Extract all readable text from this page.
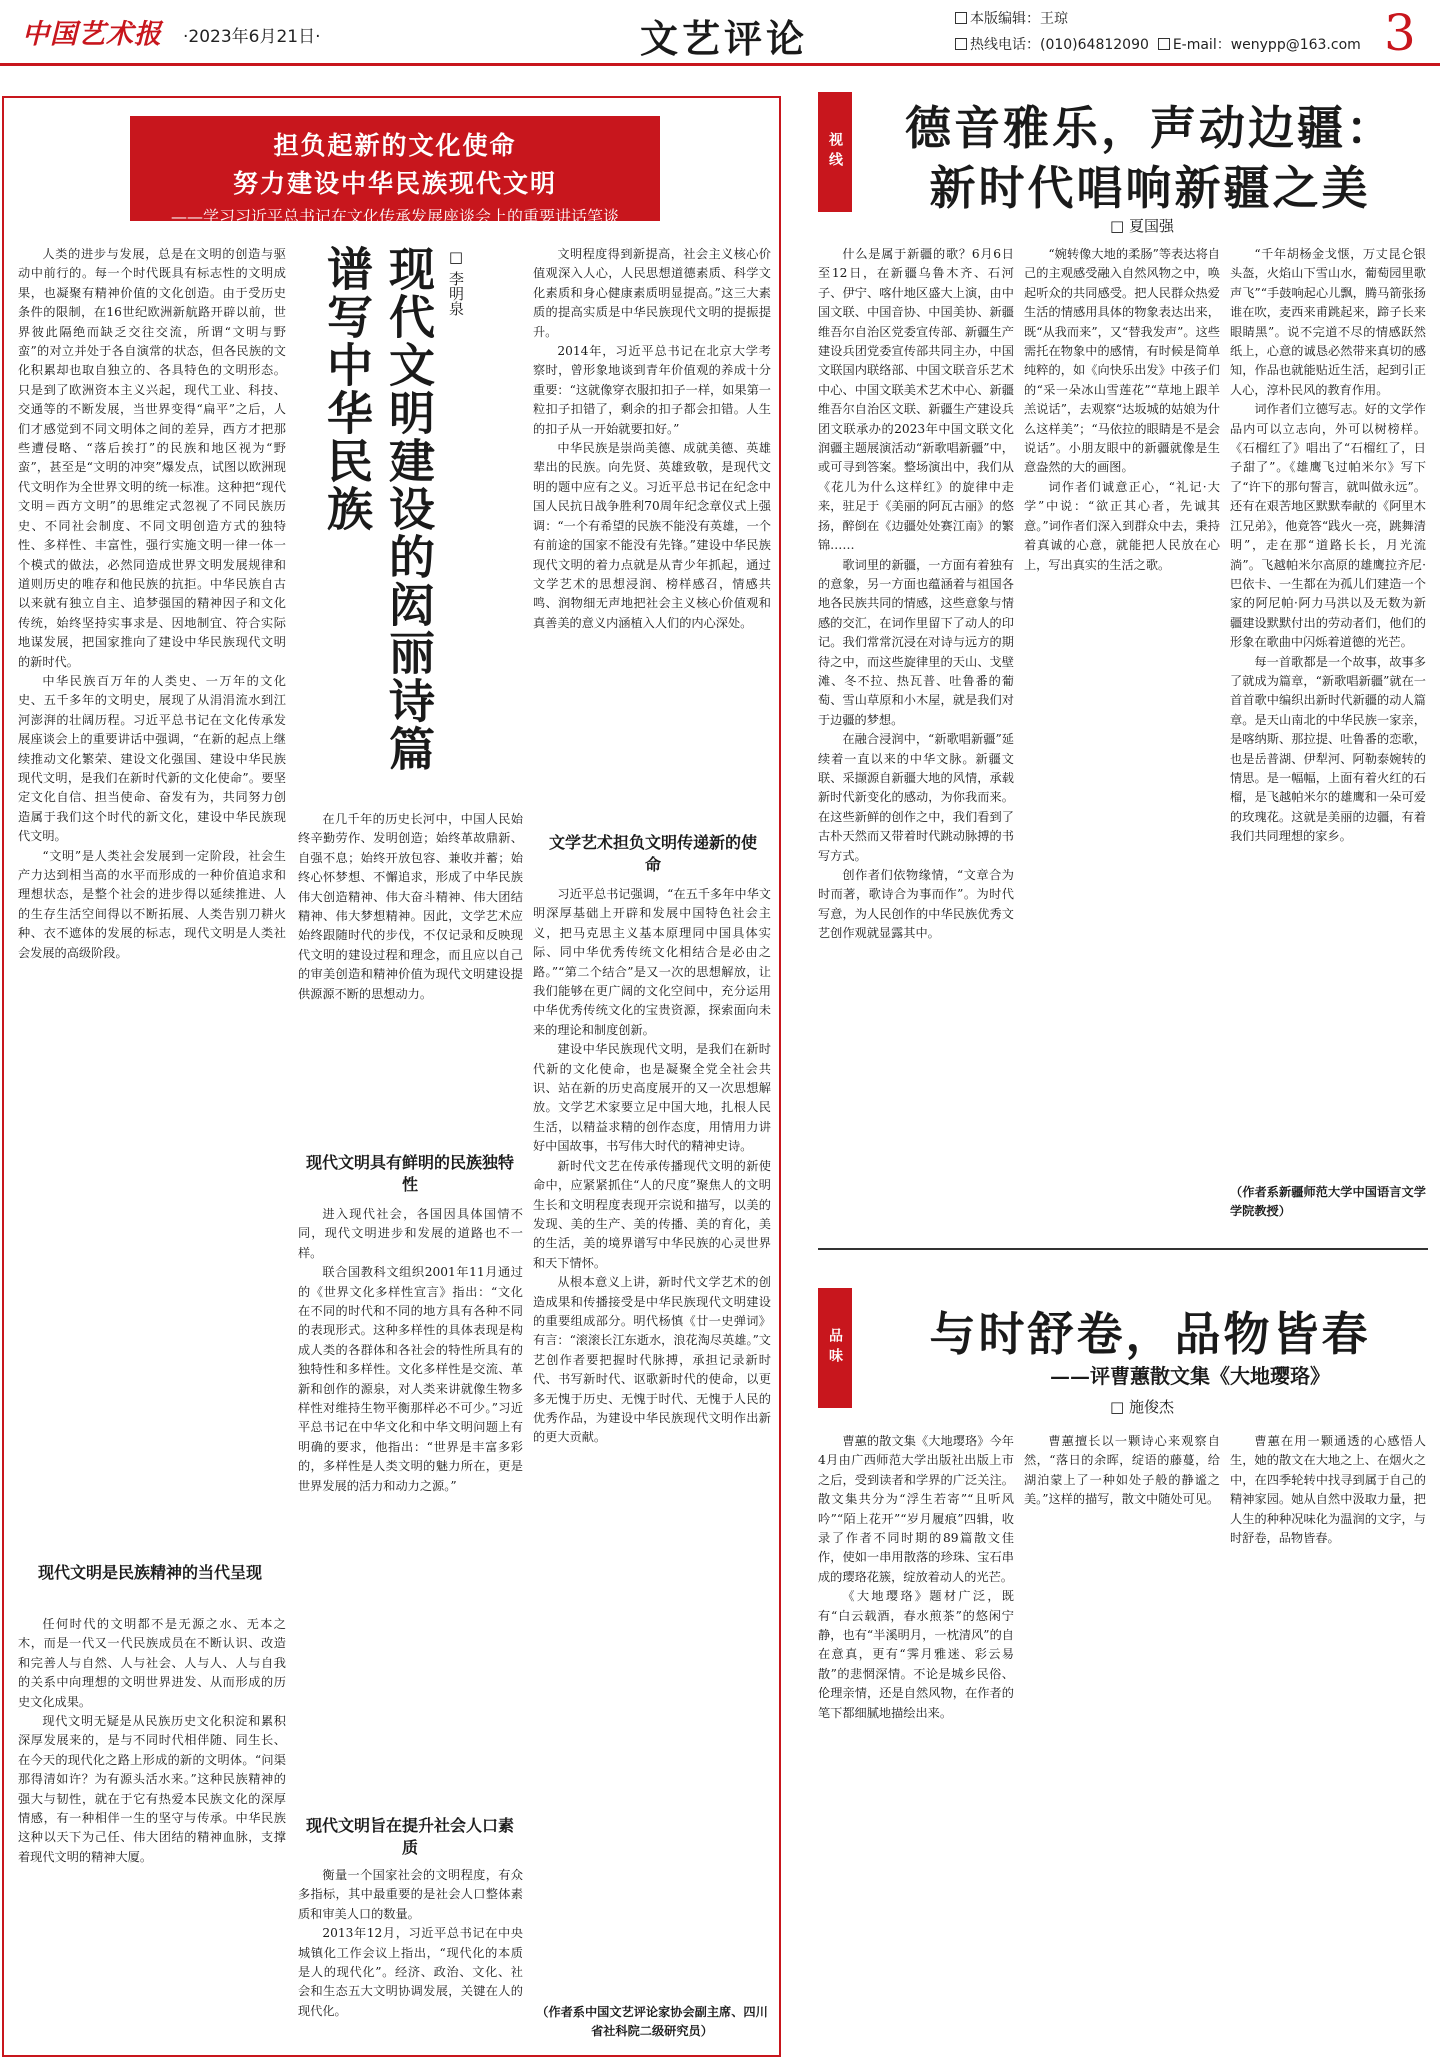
中国艺术报 ·2023年6月21日·	文艺评论	本版编辑：王琼
热线电话：(010)64812090 E-mail：wenypp@163.com 3
担负起新的文化使命
努力建设中华民族现代文明
——学习习近平总书记在文化传承发展座谈会上的重要讲话笔谈
现代文明建设的闳丽诗篇
谱写中华民族	□ 李明泉

人类的进步与发展，总是在文明的创造与驱动中前行的。每一个时代既具有标志性的文明成果，也凝聚有精神价值的文化创造。由于受历史条件的限制，在16世纪欧洲新航路开辟以前，世界彼此隔绝而缺乏交往交流，所谓“文明与野蛮”的对立并处于各自演常的状态，但各民族的文化积累却也取自独立的、各具特色的文明形态。只是到了欧洲资本主义兴起，现代工业、科技、交通等的不断发展，当世界变得“扁平”之后，人们才感觉到不同文明体之间的差异，西方才把那些遭侵略、“落后挨打”的民族和地区视为“野蛮”，甚至是“文明的冲突”爆发点，试图以欧洲现代文明作为全世界文明的统一标准。这种把“现代文明＝西方文明”的思维定式忽视了不同民族历史、不同社会制度、不同文明创造方式的独特性、多样性、丰富性，强行实施文明一律一体一个模式的做法，必然同造成世界文明发展规律和道则历史的唯存和他民族的抗拒。中华民族自古以来就有独立自主、追梦强国的精神因子和文化传统，始终坚持实事求是、因地制宜、符合实际地谋发展，把国家推向了建设中华民族现代文明的新时代。

中华民族百万年的人类史、一万年的文化史、五千多年的文明史，展现了从涓涓流水到江河澎湃的壮阔历程。习近平总书记在文化传承发展座谈会上的重要讲话中强调，“在新的起点上继续推动文化繁荣、建设文化强国、建设中华民族现代文明，是我们在新时代新的文化使命”。要坚定文化自信、担当使命、奋发有为，共同努力创造属于我们这个时代的新文化，建设中华民族现代文明。

“文明”是人类社会发展到一定阶段，社会生产力达到相当高的水平而形成的一种价值追求和理想状态，是整个社会的进步得以延续推进、人的生存生活空间得以不断拓展、人类告别刀耕火种、衣不遮体的发展的标志，现代文明是人类社会发展的高级阶段。

现代文明是民族精神的当代呈现

任何时代的文明都不是无源之水、无本之木，而是一代又一代民族成员在不断认识、改造和完善人与自然、人与社会、人与人、人与自我的关系中向理想的文明世界进发、从而形成的历史文化成果。

现代文明无疑是从民族历史文化积淀和累积深厚发展来的，是与不同时代相伴随、同生长、在今天的现代化之路上形成的新的文明体。“问渠那得清如许？为有源头活水来。”这种民族精神的强大与韧性，就在于它有热爱本民族文化的深厚情感，有一种相伴一生的坚守与传承。中华民族这种以天下为己任、伟大团结的精神血脉，支撑着现代文明的精神大厦。

在几千年的历史长河中，中国人民始终辛勤劳作、发明创造；始终革故鼎新、自强不息；始终开放包容、兼收并蓄；始终心怀梦想、不懈追求，形成了中华民族伟大创造精神、伟大奋斗精神、伟大团结精神、伟大梦想精神。因此，文学艺术应始终跟随时代的步伐，不仅记录和反映现代文明的建设过程和理念，而且应以自己的审美创造和精神价值为现代文明建设提供源源不断的思想动力。

现代文明具有鲜明的民族独特性

进入现代社会，各国因具体国情不同，现代文明进步和发展的道路也不一样。

联合国教科文组织2001年11月通过的《世界文化多样性宣言》指出：“文化在不同的时代和不同的地方具有各种不同的表现形式。这种多样性的具体表现是构成人类的各群体和各社会的特性所具有的独特性和多样性。文化多样性是交流、革新和创作的源泉，对人类来讲就像生物多样性对维持生物平衡那样必不可少。”习近平总书记在中华文化和中华文明问题上有明确的要求，他指出：“世界是丰富多彩的，多样性是人类文明的魅力所在，更是世界发展的活力和动力之源。”

现代文明旨在提升社会人口素质

衡量一个国家社会的文明程度，有众多指标，其中最重要的是社会人口整体素质和审美人口的数量。

2013年12月，习近平总书记在中央城镇化工作会议上指出，“现代化的本质是人的现代化”。经济、政治、文化、社会和生态五大文明协调发展，关键在人的现代化。

文明程度得到新提高，社会主义核心价值观深入人心，人民思想道德素质、科学文化素质和身心健康素质明显提高。”这三大素质的提高实质是中华民族现代文明的提振提升。

2014年，习近平总书记在北京大学考察时，曾形象地谈到青年价值观的养成十分重要：“这就像穿衣服扣扣子一样，如果第一粒扣子扣错了，剩余的扣子都会扣错。人生的扣子从一开始就要扣好。”

中华民族是崇尚美德、成就美德、英雄辈出的民族。向先贤、英雄致敬，是现代文明的题中应有之义。习近平总书记在纪念中国人民抗日战争胜利70周年纪念章仪式上强调：“一个有希望的民族不能没有英雄，一个有前途的国家不能没有先锋。”建设中华民族现代文明的着力点就是从青少年抓起，通过文学艺术的思想浸润、榜样感召，情感共鸣、润物细无声地把社会主义核心价值观和真善美的意义内涵植入人们的内心深处。

文学艺术担负文明传递新的使命

习近平总书记强调，“在五千多年中华文明深厚基础上开辟和发展中国特色社会主义，把马克思主义基本原理同中国具体实际、同中华优秀传统文化相结合是必由之路。”“第二个结合”是又一次的思想解放，让我们能够在更广阔的文化空间中，充分运用中华优秀传统文化的宝贵资源，探索面向未来的理论和制度创新。

建设中华民族现代文明，是我们在新时代新的文化使命，也是凝聚全党全社会共识、站在新的历史高度展开的又一次思想解放。文学艺术家要立足中国大地，扎根人民生活，以精益求精的创作态度，用情用力讲好中国故事，书写伟大时代的精神史诗。

新时代文艺在传承传播现代文明的新使命中，应紧紧抓住“人的尺度”聚焦人的文明生长和文明程度表现开宗说和描写，以美的发现、美的生产、美的传播、美的育化，美的生活，美的境界谱写中华民族的心灵世界和天下情怀。

从根本意义上讲，新时代文学艺术的创造成果和传播接受是中华民族现代文明建设的重要组成部分。明代杨慎《廿一史弹词》有言：“滚滚长江东逝水，浪花淘尽英雄。”文艺创作者要把握时代脉搏，承担记录新时代、书写新时代、讴歌新时代的使命，以更多无愧于历史、无愧于时代、无愧于人民的优秀作品，为建设中华民族现代文明作出新的更大贡献。

（作者系中国文艺评论家协会副主席、四川省社科院二级研究员）
视线	德音雅乐，声动边疆：
新时代唱响新疆之美
□ 夏国强

什么是属于新疆的歌？6月6日至12日，在新疆乌鲁木齐、石河子、伊宁、喀什地区盛大上演，由中国文联、中国音协、中国美协、新疆维吾尔自治区党委宣传部、新疆生产建设兵团党委宣传部共同主办，中国文联国内联络部、中国文联音乐艺术中心、中国文联美术艺术中心、新疆维吾尔自治区文联、新疆生产建设兵团文联承办的2023年中国文联文化润疆主题展演活动“新歌唱新疆”中，或可寻到答案。整场演出中，我们从《花儿为什么这样红》的旋律中走来，驻足于《美丽的阿瓦古丽》的悠扬，醉倒在《边疆处处赛江南》的繁锦……

歌词里的新疆，一方面有着独有的意象，另一方面也蕴涵着与祖国各地各民族共同的情感，这些意象与情感的交汇，在词作里留下了动人的印记。我们常常沉浸在对诗与远方的期待之中，而这些旋律里的天山、戈壁滩、冬不拉、热瓦普、吐鲁番的葡萄、雪山草原和小木屋，就是我们对于边疆的梦想。

在融合浸润中，“新歌唱新疆”延续着一直以来的中华文脉。新疆文联、采撷源自新疆大地的风情，承载新时代新变化的感动，为你我而来。在这些新鲜的创作之中，我们看到了古朴天然而又带着时代跳动脉搏的书写方式。

创作者们依物缘情，“文章合为时而著，歌诗合为事而作”。为时代写意，为人民创作的中华民族优秀文艺创作观就显露其中。

“婉转像大地的柔肠”等表达将自己的主观感受融入自然风物之中，唤起听众的共同感受。把人民群众热爱生活的情感用具体的物象表达出来，既“从我而来”，又“替我发声”。这些需托在物象中的感情，有时候是简单纯粹的，如《向快乐出发》中孩子们的“采一朵冰山雪莲花”“草地上跟羊羔说话”，去观察“达坂城的姑娘为什么这样美”；“马依拉的眼睛是不是会说话”。小朋友眼中的新疆就像是生意盎然的大的画图。

词作者们诚意正心，“礼记·大学”中说：“欲正其心者，先诚其意。”词作者们深入到群众中去，秉持着真诚的心意，就能把人民放在心上，写出真实的生活之歌。

“千年胡杨金戈惬，万丈昆仑银头盔，火焰山下雪山水，葡萄园里歌声飞”“手鼓响起心儿飘，腾马箭张扬谁在吹，麦西来甫跳起来，蹄子长来眼睛黑”。说不完道不尽的情感跃然纸上，心意的诚恳必然带来真切的感知，作品也就能贴近生活，起到引正人心，淳朴民风的教育作用。

词作者们立德写志。好的文学作品内可以立志向，外可以树榜样。《石榴红了》唱出了“石榴红了，日子甜了”。《雄鹰飞过帕米尔》写下了“许下的那句誓言，就叫做永远”。还有在艰苦地区默默奉献的《阿里木江兄弟》，他竟答“践火一亮，跳舞清明”，走在那“道路长长，月光流淌”。飞越帕米尔高原的雄鹰拉齐尼·巴依卡、一生都在为孤儿们建造一个家的阿尼帕·阿力马洪以及无数为新疆建设默默付出的劳动者们，他们的形象在歌曲中闪烁着道德的光芒。

每一首歌都是一个故事，故事多了就成为篇章，“新歌唱新疆”就在一首首歌中编织出新时代新疆的动人篇章。是天山南北的中华民族一家亲，是喀纳斯、那拉提、吐鲁番的恋歌，也是岳普湖、伊犁河、阿勒泰婉转的情思。是一幅幅，上面有着火红的石榴，是飞越帕米尔的雄鹰和一朵可爱的玫瑰花。这就是美丽的边疆，有着我们共同理想的家乡。

（作者系新疆师范大学中国语言文学学院教授）
品味	与时舒卷，品物皆春
——评曹蕙散文集《大地璎珞》
□ 施俊杰

曹蕙的散文集《大地璎珞》今年4月由广西师范大学出版社出版上市之后，受到读者和学界的广泛关注。散文集共分为“浮生若寄”“且听风吟”“陌上花开”“岁月履痕”四辑，收录了作者不同时期的89篇散文佳作，使如一串用散落的珍珠、宝石串成的璎珞花簇，绽放着动人的光芒。

《大地璎珞》题材广泛，既有“白云载酒，春水煎茶”的悠闲宁静，也有“半溪明月，一枕清风”的自在意真，更有“霁月雅迷、彩云易散”的悲惘深情。不论是城乡民俗、伦理亲情，还是自然风物，在作者的笔下都细腻地描绘出来。

曹蕙擅长以一颗诗心来观察自然，“落日的余晖，绽语的藤蔓，给湖泊蒙上了一种如处子般的静谧之美。”这样的描写，散文中随处可见。

曹蕙在用一颗通透的心感悟人生，她的散文在大地之上、在烟火之中，在四季轮转中找寻到属于自己的精神家园。她从自然中汲取力量，把人生的种种况味化为温润的文字，与时舒卷，品物皆春。
